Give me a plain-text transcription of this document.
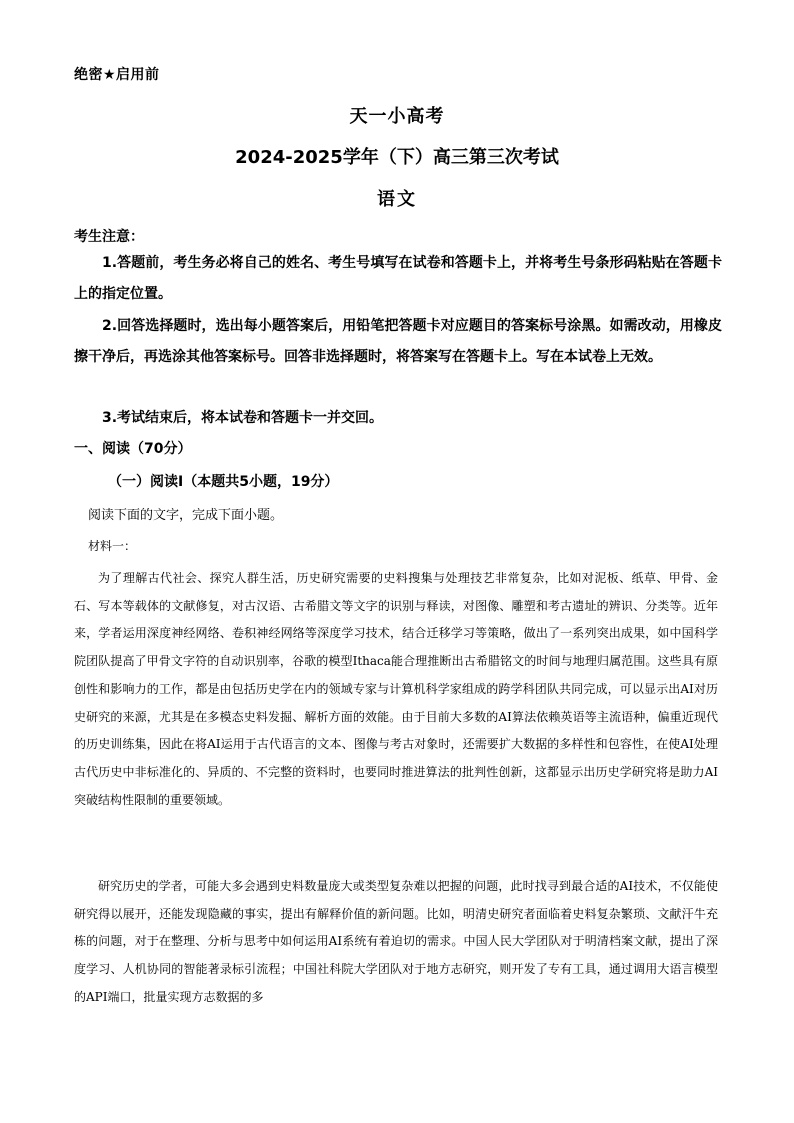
绝密★启用前
天一小高考
2024-2025学年（下）高三第三次考试
语文
考生注意：
1.答题前，考生务必将自己的姓名、考生号填写在试卷和答题卡上，并将考生号条形码粘贴在答题卡上的指定位置。
2.回答选择题时，选出每小题答案后，用铅笔把答题卡对应题目的答案标号涂黑。如需改动，用橡皮擦干净后，再选涂其他答案标号。回答非选择题时，将答案写在答题卡上。写在本试卷上无效。
3.考试结束后，将本试卷和答题卡一并交回。
一、阅读（70分）
（一）阅读Ⅰ（本题共5小题，19分）
阅读下面的文字，完成下面小题。
材料一：
为了理解古代社会、探究人群生活，历史研究需要的史料搜集与处理技艺非常复杂，比如对泥板、纸草、甲骨、金石、写本等载体的文献修复，对古汉语、古希腊文等文字的识别与释读，对图像、雕塑和考古遗址的辨识、分类等。近年来，学者运用深度神经网络、卷积神经网络等深度学习技术，结合迁移学习等策略，做出了一系列突出成果，如中国科学院团队提高了甲骨文字符的自动识别率，谷歌的模型Ithaca能合理推断出古希腊铭文的时间与地理归属范围。这些具有原创性和影响力的工作，都是由包括历史学在内的领域专家与计算机科学家组成的跨学科团队共同完成，可以显示出AI对历史研究的来源，尤其是在多模态史料发掘、解析方面的效能。由于目前大多数的AI算法依赖英语等主流语种，偏重近现代的历史训练集，因此在将AI运用于古代语言的文本、图像与考古对象时，还需要扩大数据的多样性和包容性，在使AI处理古代历史中非标准化的、异质的、不完整的资料时，也要同时推进算法的批判性创新，这都显示出历史学研究将是助力AI突破结构性限制的重要领域。
研究历史的学者，可能大多会遇到史料数量庞大或类型复杂难以把握的问题，此时找寻到最合适的AI技术，不仅能使研究得以展开，还能发现隐藏的事实，提出有解释价值的新问题。比如，明清史研究者面临着史料复杂繁琐、文献汗牛充栋的问题，对于在整理、分析与思考中如何运用AI系统有着迫切的需求。中国人民大学团队对于明清档案文献，提出了深度学习、人机协同的智能著录标引流程；中国社科院大学团队对于地方志研究，则开发了专有工具，通过调用大语言模型的API端口，批量实现方志数据的多
